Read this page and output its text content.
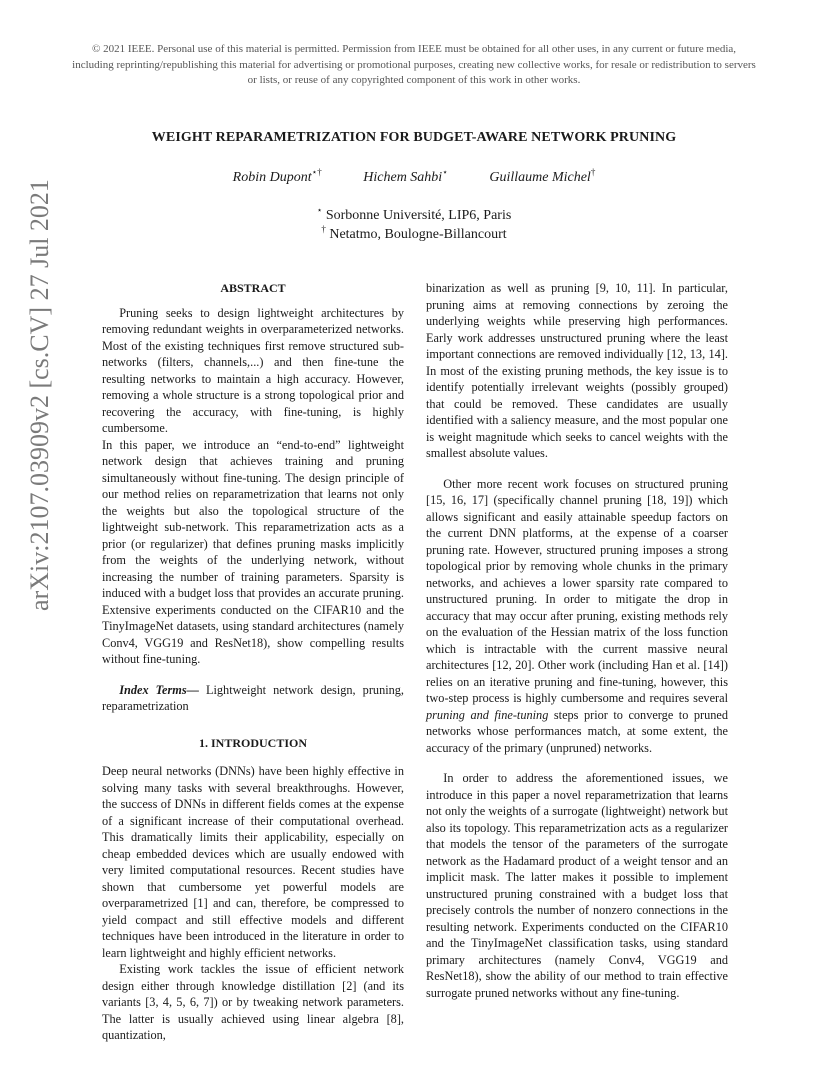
© 2021 IEEE. Personal use of this material is permitted. Permission from IEEE must be obtained for all other uses, in any current or future media, including reprinting/republishing this material for advertising or promotional purposes, creating new collective works, for resale or redistribution to servers or lists, or reuse of any copyrighted component of this work in other works.
arXiv:2107.03909v2 [cs.CV] 27 Jul 2021
WEIGHT REPARAMETRIZATION FOR BUDGET-AWARE NETWORK PRUNING
Robin Dupont⋆†	Hichem Sahbi⋆	Guillaume Michel†
⋆ Sorbonne Université, LIP6, Paris
† Netatmo, Boulogne-Billancourt

ABSTRACT

Pruning seeks to design lightweight architectures by removing redundant weights in overparameterized networks. Most of the existing techniques first remove structured sub-networks (filters, channels,...) and then fine-tune the resulting networks to maintain a high accuracy. However, removing a whole structure is a strong topological prior and recovering the accuracy, with fine-tuning, is highly cumbersome.

In this paper, we introduce an “end-to-end” lightweight network design that achieves training and pruning simultaneously without fine-tuning. The design principle of our method relies on reparametrization that learns not only the weights but also the topological structure of the lightweight sub-network. This reparametrization acts as a prior (or regularizer) that defines pruning masks implicitly from the weights of the underlying network, without increasing the number of training parameters. Sparsity is induced with a budget loss that provides an accurate pruning. Extensive experiments conducted on the CIFAR10 and the TinyImageNet datasets, using standard architectures (namely Conv4, VGG19 and ResNet18), show compelling results without fine-tuning.

Index Terms— Lightweight network design, pruning, reparametrization

1. INTRODUCTION

Deep neural networks (DNNs) have been highly effective in solving many tasks with several breakthroughs. However, the success of DNNs in different fields comes at the expense of a significant increase of their computational overhead. This dramatically limits their applicability, especially on cheap embedded devices which are usually endowed with very limited computational resources. Recent studies have shown that cumbersome yet powerful models are overparametrized [1] and can, therefore, be compressed to yield compact and still effective models and different techniques have been introduced in the literature in order to learn lightweight and highly efficient networks.

Existing work tackles the issue of efficient network design either through knowledge distillation [2] (and its variants [3, 4, 5, 6, 7]) or by tweaking network parameters. The latter is usually achieved using linear algebra [8], quantization,

binarization as well as pruning [9, 10, 11]. In particular, pruning aims at removing connections by zeroing the underlying weights while preserving high performances. Early work addresses unstructured pruning where the least important connections are removed individually [12, 13, 14]. In most of the existing pruning methods, the key issue is to identify potentially irrelevant weights (possibly grouped) that could be removed. These candidates are usually identified with a saliency measure, and the most popular one is weight magnitude which seeks to cancel weights with the smallest absolute values.

Other more recent work focuses on structured pruning [15, 16, 17] (specifically channel pruning [18, 19]) which allows significant and easily attainable speedup factors on the current DNN platforms, at the expense of a coarser pruning rate. However, structured pruning imposes a strong topological prior by removing whole chunks in the primary networks, and achieves a lower sparsity rate compared to unstructured pruning. In order to mitigate the drop in accuracy that may occur after pruning, existing methods rely on the evaluation of the Hessian matrix of the loss function which is intractable with the current massive neural architectures [12, 20]. Other work (including Han et al. [14]) relies on an iterative pruning and fine-tuning, however, this two-step process is highly cumbersome and requires several pruning and fine-tuning steps prior to converge to pruned networks whose performances match, at some extent, the accuracy of the primary (unpruned) networks.

In order to address the aforementioned issues, we introduce in this paper a novel reparametrization that learns not only the weights of a surrogate (lightweight) network but also its topology. This reparametrization acts as a regularizer that models the tensor of the parameters of the surrogate network as the Hadamard product of a weight tensor and an implicit mask. The latter makes it possible to implement unstructured pruning constrained with a budget loss that precisely controls the number of nonzero connections in the resulting network. Experiments conducted on the CIFAR10 and the TinyImageNet classification tasks, using standard primary architectures (namely Conv4, VGG19 and ResNet18), show the ability of our method to train effective surrogate pruned networks without any fine-tuning.
